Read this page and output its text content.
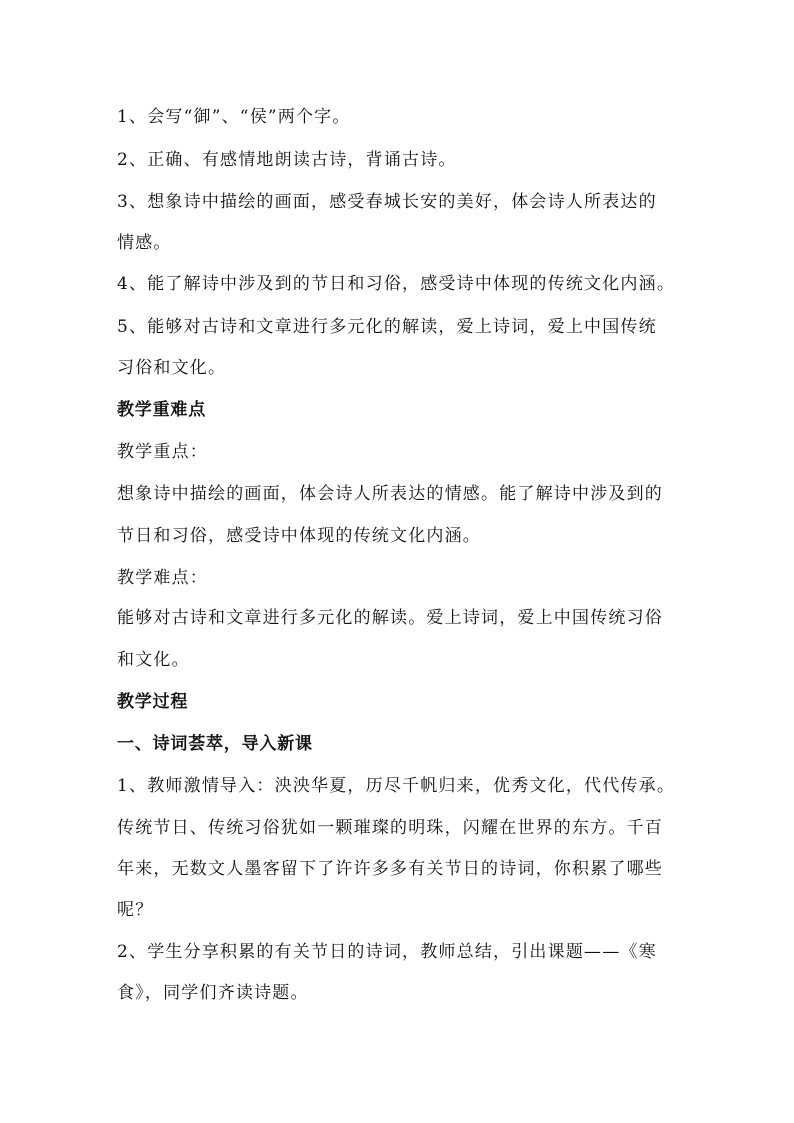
1、会写“御”、“侯”两个字。
2、正确、有感情地朗读古诗，背诵古诗。
3、想象诗中描绘的画面，感受春城长安的美好，体会诗人所表达的
情感。
4、能了解诗中涉及到的节日和习俗，感受诗中体现的传统文化内涵。
5、能够对古诗和文章进行多元化的解读，爱上诗词，爱上中国传统
习俗和文化。
教学重难点
教学重点：
想象诗中描绘的画面，体会诗人所表达的情感。能了解诗中涉及到的
节日和习俗，感受诗中体现的传统文化内涵。
教学难点：
能够对古诗和文章进行多元化的解读。爱上诗词，爱上中国传统习俗
和文化。
教学过程
一、诗词荟萃，导入新课
1、教师激情导入：泱泱华夏，历尽千帆归来，优秀文化，代代传承。
传统节日、传统习俗犹如一颗璀璨的明珠，闪耀在世界的东方。千百
年来，无数文人墨客留下了许许多多有关节日的诗词，你积累了哪些
呢？
2、学生分享积累的有关节日的诗词，教师总结，引出课题——《寒
食》，同学们齐读诗题。
